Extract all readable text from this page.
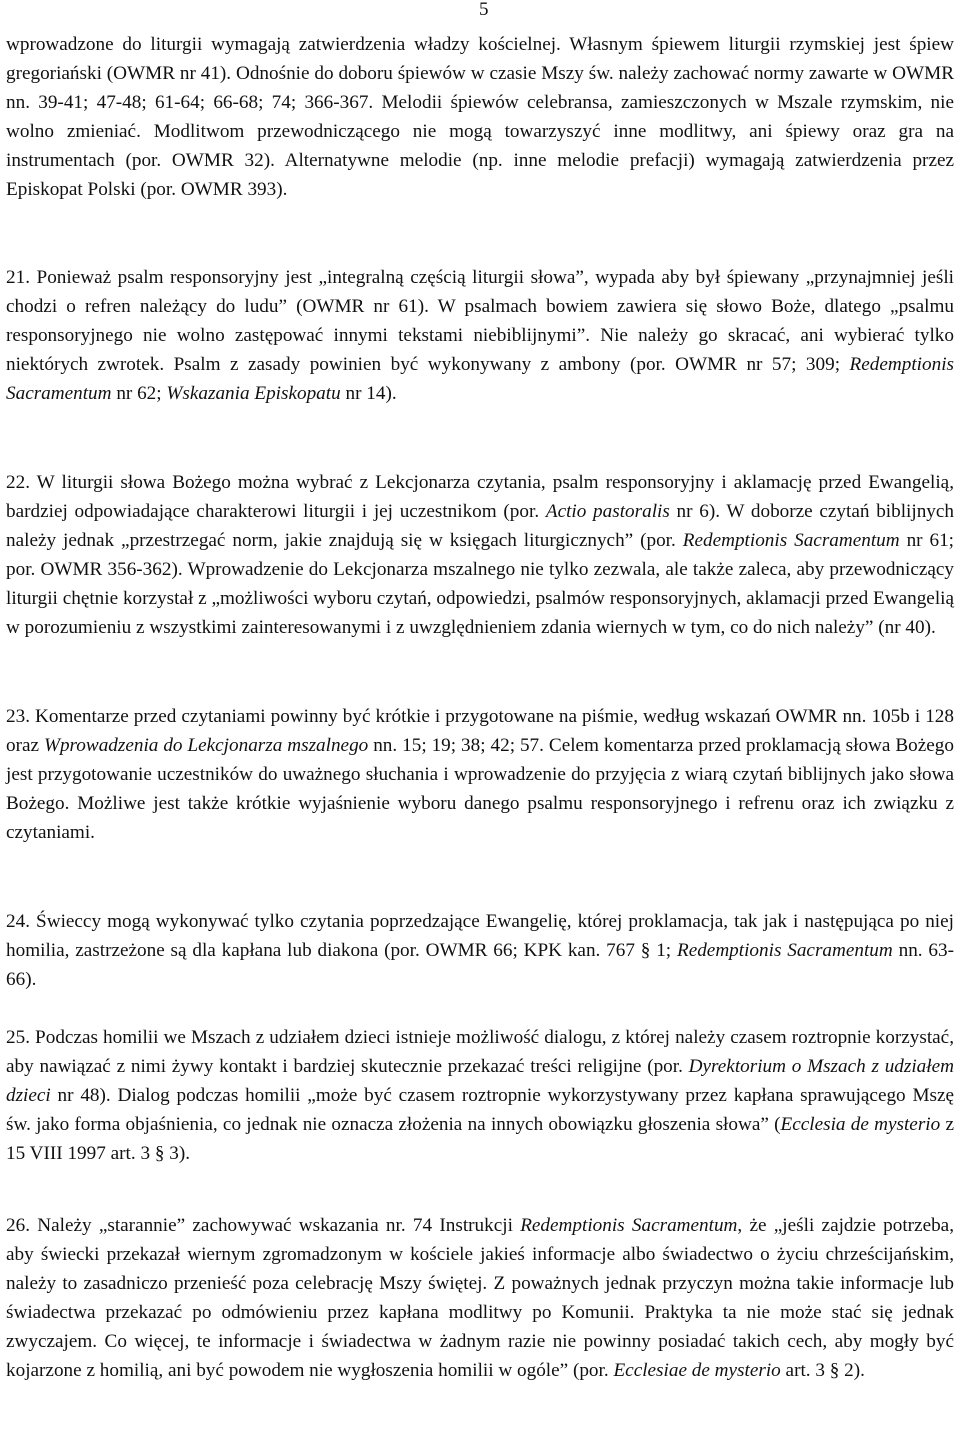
5

wprowadzone do liturgii wymagają zatwierdzenia władzy kościelnej. Własnym śpiewem liturgii rzymskiej jest śpiew gregoriański (OWMR nr 41). Odnośnie do doboru śpiewów w czasie Mszy św. należy zachować normy zawarte w OWMR nn. 39-41; 47-48; 61-64; 66-68; 74; 366-367. Melodii śpiewów celebransa, zamieszczonych w Mszale rzymskim, nie wolno zmieniać. Modlitwom przewodniczącego nie mogą towarzyszyć inne modlitwy, ani śpiewy oraz gra na instrumentach (por. OWMR 32). Alternatywne melodie (np. inne melodie prefacji) wymagają zatwierdzenia przez Episkopat Polski (por. OWMR 393).

21. Ponieważ psalm responsoryjny jest „integralną częścią liturgii słowa”, wypada aby był śpiewany „przynajmniej jeśli chodzi o refren należący do ludu” (OWMR nr 61). W psalmach bowiem zawiera się słowo Boże, dlatego „psalmu responsoryjnego nie wolno zastępować innymi tekstami niebiblijnymi”. Nie należy go skracać, ani wybierać tylko niektórych zwrotek. Psalm z zasady powinien być wykonywany z ambony (por. OWMR nr 57; 309; Redemptionis Sacramentum nr 62; Wskazania Episkopatu nr 14).

22. W liturgii słowa Bożego można wybrać z Lekcjonarza czytania, psalm responsoryjny i aklamację przed Ewangelią, bardziej odpowiadające charakterowi liturgii i jej uczestnikom (por. Actio pastoralis nr 6). W doborze czytań biblijnych należy jednak „przestrzegać norm, jakie znajdują się w księgach liturgicznych” (por. Redemptionis Sacramentum nr 61; por. OWMR 356-362). Wprowadzenie do Lekcjonarza mszalnego nie tylko zezwala, ale także zaleca, aby przewodniczący liturgii chętnie korzystał z „możliwości wyboru czytań, odpowiedzi, psalmów responsoryjnych, aklamacji przed Ewangelią w porozumieniu z wszystkimi zainteresowanymi i z uwzględnieniem zdania wiernych w tym, co do nich należy” (nr 40).

23. Komentarze przed czytaniami powinny być krótkie i przygotowane na piśmie, według wskazań OWMR nn. 105b i 128 oraz Wprowadzenia do Lekcjonarza mszalnego nn. 15; 19; 38; 42; 57. Celem komentarza przed proklamacją słowa Bożego jest przygotowanie uczestników do uważnego słuchania i wprowadzenie do przyjęcia z wiarą czytań biblijnych jako słowa Bożego. Możliwe jest także krótkie wyjaśnienie wyboru danego psalmu responsoryjnego i refrenu oraz ich związku z czytaniami.

24. Świeccy mogą wykonywać tylko czytania poprzedzające Ewangelię, której proklamacja, tak jak i następująca po niej homilia, zastrzeżone są dla kapłana lub diakona (por. OWMR 66; KPK kan. 767 § 1; Redemptionis Sacramentum nn. 63-66).

25. Podczas homilii we Mszach z udziałem dzieci istnieje możliwość dialogu, z której należy czasem roztropnie korzystać, aby nawiązać z nimi żywy kontakt i bardziej skutecznie przekazać treści religijne (por. Dyrektorium o Mszach z udziałem dzieci nr 48). Dialog podczas homilii „może być czasem roztropnie wykorzystywany przez kapłana sprawującego Mszę św. jako forma objaśnienia, co jednak nie oznacza złożenia na innych obowiązku głoszenia słowa” (Ecclesia de mysterio z 15 VIII 1997 art. 3 § 3).

26. Należy „starannie” zachowywać wskazania nr. 74 Instrukcji Redemptionis Sacramentum, że „jeśli zajdzie potrzeba, aby świecki przekazał wiernym zgromadzonym w kościele jakieś informacje albo świadectwo o życiu chrześcijańskim, należy to zasadniczo przenieść poza celebrację Mszy świętej. Z poważnych jednak przyczyn można takie informacje lub świadectwa przekazać po odmówieniu przez kapłana modlitwy po Komunii. Praktyka ta nie może stać się jednak zwyczajem. Co więcej, te informacje i świadectwa w żadnym razie nie powinny posiadać takich cech, aby mogły być kojarzone z homilią, ani być powodem nie wygłoszenia homilii w ogóle” (por. Ecclesiae de mysterio art. 3 § 2).
